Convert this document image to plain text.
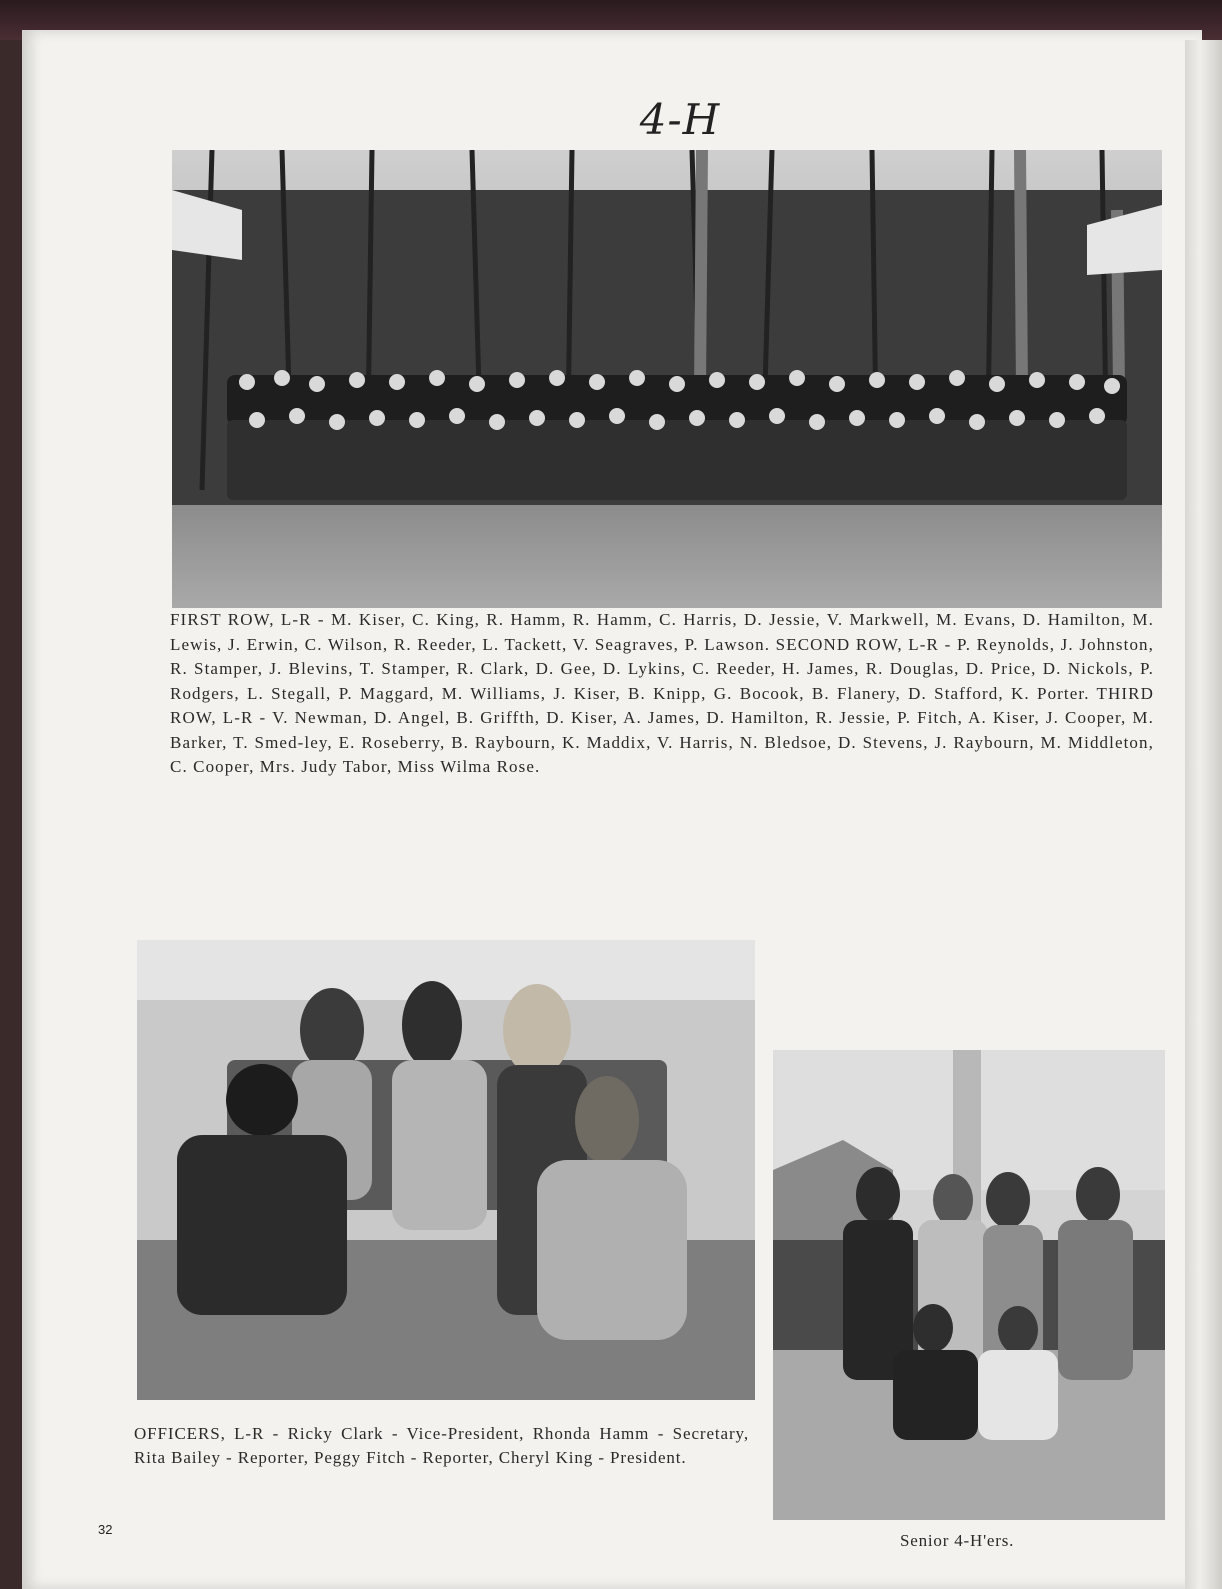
4-H
FIRST ROW, L-R - M. Kiser, C. King, R. Hamm, R. Hamm, C. Harris, D. Jessie, V. Markwell, M. Evans, D. Hamilton, M. Lewis, J. Erwin, C. Wilson, R. Reeder, L. Tackett, V. Seagraves, P. Lawson. SECOND ROW, L-R - P. Reynolds, J. Johnston, R. Stamper, J. Blevins, T. Stamper, R. Clark, D. Gee, D. Lykins, C. Reeder, H. James, R. Douglas, D. Price, D. Nickols, P. Rodgers, L. Stegall, P. Maggard, M. Williams, J. Kiser, B. Knipp, G. Bocook, B. Flanery, D. Stafford, K. Porter. THIRD ROW, L-R - V. Newman, D. Angel, B. Griffth, D. Kiser, A. James, D. Hamilton, R. Jessie, P. Fitch, A. Kiser, J. Cooper, M. Barker, T. Smed-ley, E. Roseberry, B. Raybourn, K. Maddix, V. Harris, N. Bledsoe, D. Stevens, J. Raybourn, M. Middleton, C. Cooper, Mrs. Judy Tabor, Miss Wilma Rose.
OFFICERS, L-R - Ricky Clark - Vice-President, Rhonda Hamm - Secretary, Rita Bailey - Reporter, Peggy Fitch - Reporter, Cheryl King - President.
Senior 4-H'ers.
32
